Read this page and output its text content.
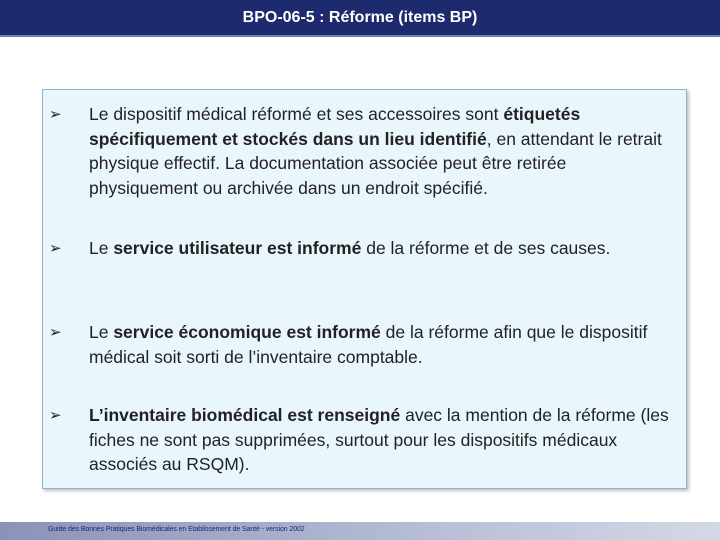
BPO-06-5 : Réforme (items BP)
➢ Le dispositif médical réformé et ses accessoires sont étiquetés spécifiquement et stockés dans un lieu identifié, en attendant le retrait physique effectif. La documentation associée peut être retirée physiquement ou archivée dans un endroit spécifié.
➢ Le service utilisateur est informé de la réforme et de ses causes.
➢ Le service économique est informé de la réforme afin que le dispositif médical soit sorti de l’inventaire comptable.
➢ L’inventaire biomédical est renseigné avec la mention de la réforme (les fiches ne sont pas supprimées, surtout pour les dispositifs médicaux associés au RSQM).
Guide des Bonnes Pratiques Biomédicales en Etablissement de Santé - version 2002
